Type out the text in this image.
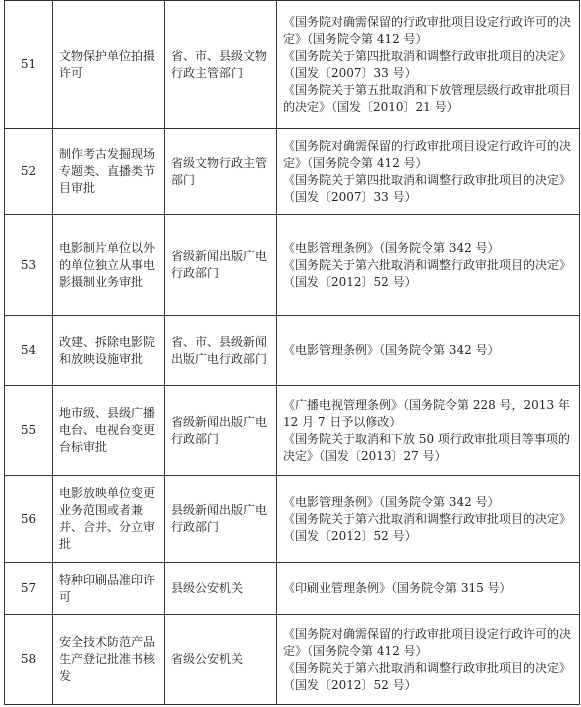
51	文物保护单位拍摄许可	省、市、县级文物行政主管部门	《国务院对确需保留的行政审批项目设定行政许可的决定》（国务院令第 412 号）
《国务院关于第四批取消和调整行政审批项目的决定》（国发〔2007〕33 号）
《国务院关于第五批取消和下放管理层级行政审批项目的决定》（国发〔2010〕21 号）

52	制作考古发掘现场专题类、直播类节目审批	省级文物行政主管部门	《国务院对确需保留的行政审批项目设定行政许可的决定》（国务院令第 412 号）
《国务院关于第四批取消和调整行政审批项目的决定》（国发〔2007〕33 号）

53	电影制片单位以外的单位独立从事电影摄制业务审批	省级新闻出版广电行政部门	《电影管理条例》（国务院令第 342 号）
《国务院关于第六批取消和调整行政审批项目的决定》（国发〔2012〕52 号）

54	改建、拆除电影院和放映设施审批	省、市、县级新闻出版广电行政部门	《电影管理条例》（国务院令第 342 号）

55	地市级、县级广播电台、电视台变更台标审批	省级新闻出版广电行政部门	《广播电视管理条例》（国务院令第 228 号，2013 年 12 月 7 日予以修改）
《国务院关于取消和下放 50 项行政审批项目等事项的决定》（国发〔2013〕27 号）

56	电影放映单位变更业务范围或者兼并、合并、分立审批	县级新闻出版广电行政部门	《电影管理条例》（国务院令第 342 号）
《国务院关于第六批取消和调整行政审批项目的决定》（国发〔2012〕52 号）

57	特种印刷品准印许可	县级公安机关	《印刷业管理条例》（国务院令第 315 号）

58	安全技术防范产品生产登记批准书核发	省级公安机关	《国务院对确需保留的行政审批项目设定行政许可的决定》（国务院令第 412 号）
《国务院关于第六批取消和调整行政审批项目的决定》（国发〔2012〕52 号）
